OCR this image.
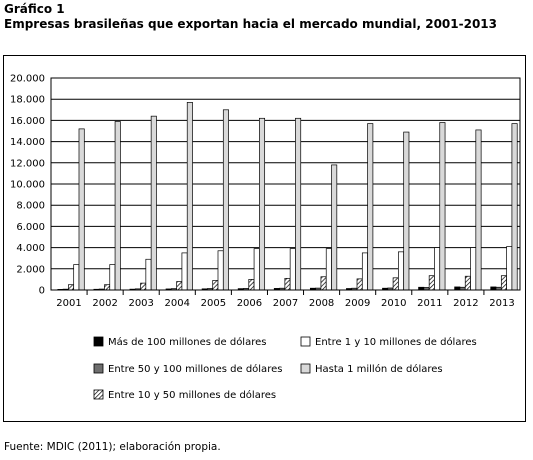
Gráfico 1
Empresas brasileñas que exportan hacia el mercado mundial, 2001-2013
0
2.000
4.000
6.000
8.000
10.000
12.000
14.000
16.000
18.000
20.000
2001 2002 2003 2004 2005 2006 2007 2008 2009 2010 2011 2012 2013
Más de 100 millones de dólares
Entre 50 y 100 millones de dólares
Entre 10 y 50 millones de dólares
Entre 1 y 10 millones de dólares
Hasta 1 millón de dólares
Fuente: MDIC (2011); elaboración propia.
